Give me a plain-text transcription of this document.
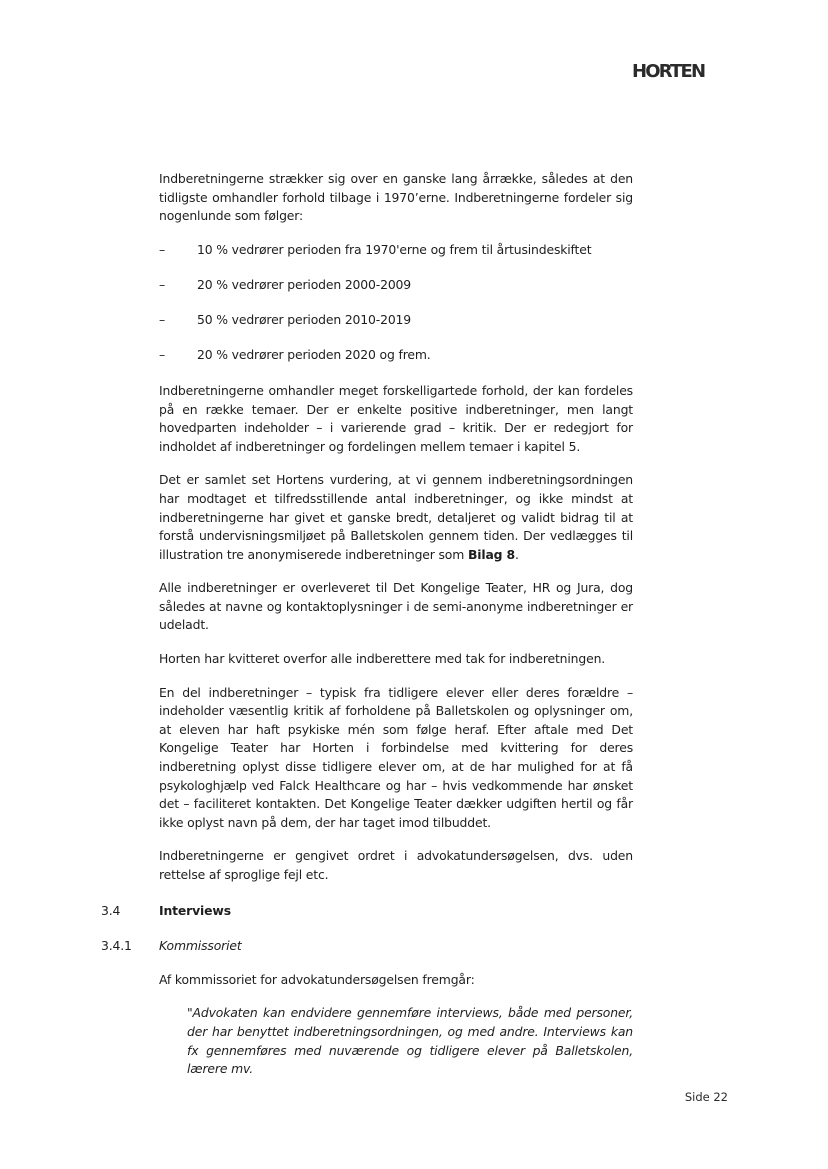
HORTEN

Indberetningerne strækker sig over en ganske lang årrække, således at den tidligste omhandler forhold tilbage i 1970’erne. Indberetningerne fordeler sig nogenlunde som følger:

–	10 % vedrører perioden fra 1970'erne og frem til årtusindeskiftet
–	20 % vedrører perioden 2000-2009
–	50 % vedrører perioden 2010-2019
–	20 % vedrører perioden 2020 og frem.

Indberetningerne omhandler meget forskelligartede forhold, der kan fordeles på en række temaer. Der er enkelte positive indberetninger, men langt hovedparten indeholder – i varierende grad – kritik. Der er redegjort for indholdet af indberetninger og fordelingen mellem temaer i kapitel 5.

Det er samlet set Hortens vurdering, at vi gennem indberetningsordningen har modtaget et tilfredsstillende antal indberetninger, og ikke mindst at indberetningerne har givet et ganske bredt, detaljeret og validt bidrag til at forstå undervisningsmiljøet på Balletskolen gennem tiden. Der vedlægges til illustration tre anonymiserede indberetninger som Bilag 8.

Alle indberetninger er overleveret til Det Kongelige Teater, HR og Jura, dog således at navne og kontaktoplysninger i de semi-anonyme indberetninger er udeladt.

Horten har kvitteret overfor alle indberettere med tak for indberetningen.

En del indberetninger – typisk fra tidligere elever eller deres forældre – indeholder væsentlig kritik af forholdene på Balletskolen og oplysninger om, at eleven har haft psykiske mén som følge heraf. Efter aftale med Det Kongelige Teater har Horten i forbindelse med kvittering for deres indberetning oplyst disse tidligere elever om, at de har mulighed for at få psykologhjælp ved Falck Healthcare og har – hvis vedkommende har ønsket det – faciliteret kontakten. Det Kongelige Teater dækker udgiften hertil og får ikke oplyst navn på dem, der har taget imod tilbuddet.

Indberetningerne er gengivet ordret i advokatundersøgelsen, dvs. uden rettelse af sproglige fejl etc.

3.4	Interviews
3.4.1 Kommissoriet

Af kommissoriet for advokatundersøgelsen fremgår:

"Advokaten kan endvidere gennemføre interviews, både med personer, der har benyttet indberetningsordningen, og med andre. Interviews kan fx gennemføres med nuværende og tidligere elever på Balletskolen, lærere mv.

Side 22
